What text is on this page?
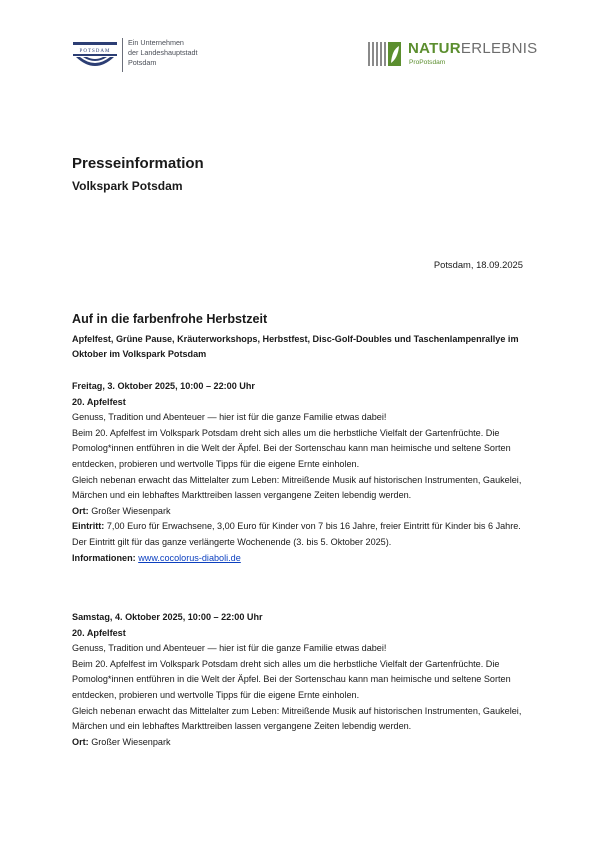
POTSDAM
Ein Unternehmen
der Landeshauptstadt
Potsdam
NATURERLEBNIS
ProPotsdam
Presseinformation
Volkspark Potsdam
Potsdam, 18.09.2025
Auf in die farbenfrohe Herbstzeit
Apfelfest, Grüne Pause, Kräuterworkshops, Herbstfest, Disc-Golf-Doubles und Taschenlampenrallye im Oktober im Volkspark Potsdam

Freitag, 3. Oktober 2025, 10:00 – 22:00 Uhr

20. Apfelfest

Genuss, Tradition und Abenteuer — hier ist für die ganze Familie etwas dabei!

Beim 20. Apfelfest im Volkspark Potsdam dreht sich alles um die herbstliche Vielfalt der Gartenfrüchte. Die Pomolog*innen entführen in die Welt der Äpfel. Bei der Sortenschau kann man heimische und seltene Sorten entdecken, probieren und wertvolle Tipps für die eigene Ernte einholen.

Gleich nebenan erwacht das Mittelalter zum Leben: Mitreißende Musik auf historischen Instrumenten, Gaukelei, Märchen und ein lebhaftes Markttreiben lassen vergangene Zeiten lebendig werden.

Ort: Großer Wiesenpark

Eintritt: 7,00 Euro für Erwachsene, 3,00 Euro für Kinder von 7 bis 16 Jahre, freier Eintritt für Kinder bis 6 Jahre. Der Eintritt gilt für das ganze verlängerte Wochenende (3. bis 5. Oktober 2025).

Informationen: www.cocolorus-diaboli.de

Samstag, 4. Oktober 2025, 10:00 – 22:00 Uhr

20. Apfelfest

Genuss, Tradition und Abenteuer — hier ist für die ganze Familie etwas dabei!

Beim 20. Apfelfest im Volkspark Potsdam dreht sich alles um die herbstliche Vielfalt der Gartenfrüchte. Die Pomolog*innen entführen in die Welt der Äpfel. Bei der Sortenschau kann man heimische und seltene Sorten entdecken, probieren und wertvolle Tipps für die eigene Ernte einholen.

Gleich nebenan erwacht das Mittelalter zum Leben: Mitreißende Musik auf historischen Instrumenten, Gaukelei, Märchen und ein lebhaftes Markttreiben lassen vergangene Zeiten lebendig werden.

Ort: Großer Wiesenpark
